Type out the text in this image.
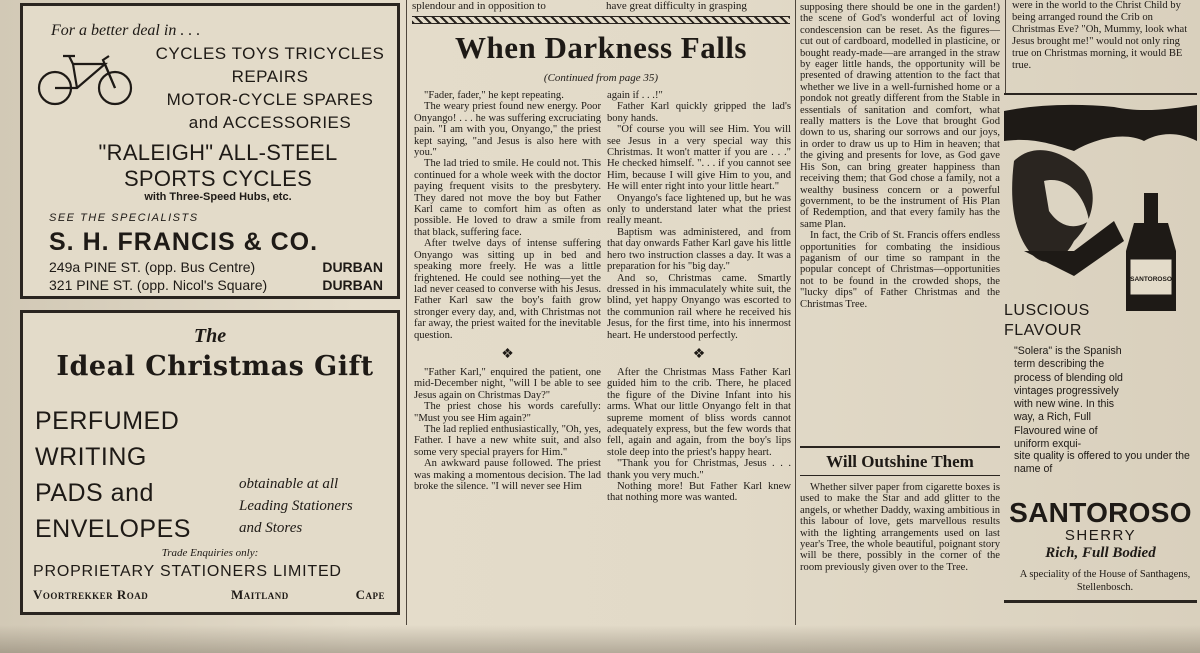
For a better deal in . . .
CYCLES TOYS TRICYCLES
REPAIRS
MOTOR-CYCLE SPARES
and ACCESSORIES
"RALEIGH" ALL-STEEL
SPORTS CYCLES
with Three-Speed Hubs, etc.
SEE THE SPECIALISTS
S. H. FRANCIS & CO.
249a PINE ST. (opp. Bus Centre)	DURBAN
321 PINE ST. (opp. Nicol's Square)	DURBAN
The
Ideal Christmas Gift
PERFUMED
WRITING
PADS and
ENVELOPES
obtainable at all
Leading Stationers
and Stores
Trade Enquiries only:
PROPRIETARY STATIONERS LIMITED
Voortrekker Road	Maitland	Cape
splendour and in opposition to	have great difficulty in grasping
When Darkness Falls
(Continued from page 35)

"Fader, fader," he kept repeating.

The weary priest found new energy. Poor Onyango! . . . he was suffering excruciating pain. "I am with you, Onyango," the priest kept saying, "and Jesus is also here with you."

The lad tried to smile. He could not. This continued for a whole week with the doctor paying frequent visits to the presbytery. They dared not move the boy but Father Karl came to comfort him as often as possible. He loved to draw a smile from that black, suffering face.

After twelve days of intense suffering Onyango was sitting up in bed and speaking more freely. He was a little frightened. He could see nothing—yet the lad never ceased to converse with his Jesus. Father Karl saw the boy's faith grow stronger every day, and, with Christmas not far away, the priest waited for the inevitable question.

❖

"Father Karl," enquired the patient, one mid-December night, "will I be able to see Jesus again on Christmas Day?"

The priest chose his words carefully: "Must you see Him again?"

The lad replied enthusiastically, "Oh, yes, Father. I have a new white suit, and also some very special prayers for Him."

An awkward pause followed. The priest was making a momentous decision. The lad broke the silence. "I will never see Him

again if . . .!"

Father Karl quickly gripped the lad's bony hands.

"Of course you will see Him. You will see Jesus in a very special way this Christmas. It won't matter if you are . . ." He checked himself. ". . . if you cannot see Him, because I will give Him to you, and He will enter right into your little heart."

Onyango's face lightened up, but he was only to understand later what the priest really meant.

Baptism was administered, and from that day onwards Father Karl gave his little hero two instruction classes a day. It was a preparation for his "big day."

And so, Christmas came. Smartly dressed in his immaculately white suit, the blind, yet happy Onyango was escorted to the communion rail where he received his Jesus, for the first time, into his innermost heart. He understood perfectly.

❖

After the Christmas Mass Father Karl guided him to the crib. There, he placed the figure of the Divine Infant into his arms. What our little Onyango felt in that supreme moment of bliss words cannot adequately express, but the few words that fell, again and again, from the boy's lips stole deep into the priest's happy heart.

"Thank you for Christmas, Jesus . . . thank you very much."

Nothing more! But Father Karl knew that nothing more was wanted.

supposing there should be one in the garden!) the scene of God's wonderful act of loving condescension can be reset. As the figures—cut out of cardboard, modelled in plasticine, or bought ready-made—are arranged in the straw by eager little hands, the opportunity will be presented of drawing attention to the fact that whether we live in a well-furnished home or a pondok not greatly different from the Stable in essentials of sanitation and comfort, what really matters is the Love that brought God down to us, sharing our sorrows and our joys, in order to draw us up to Him in heaven; that the giving and presents for love, as God gave His Son, can bring greater happiness than receiving them; that God chose a family, not a wealthy business concern or a powerful government, to be the instrument of His Plan of Redemption, and that every family has the same Plan.

In fact, the Crib of St. Francis offers endless opportunities for combating the insidious paganism of our time so rampant in the popular concept of Christmas—opportunities not to be found in the crowded shops, the "lucky dips" of Father Christmas and the Christmas Tree.

Will Outshine Them

Whether silver paper from cigarette boxes is used to make the Star and add glitter to the angels, or whether Daddy, waxing ambitious in this labour of love, gets marvellous results with the lighting arrangements used on last year's Tree, the whole beautiful, poignant story will be there, possibly in the corner of the room previously given over to the Tree.

were in the world to the Christ Child by being arranged round the Crib on Christmas Eve? "Oh, Mummy, look what Jesus brought me!" would not only ring true on Christmas morning, it would BE true.
SANTOROSO
LUSCIOUS
FLAVOUR
"Solera" is the Spanish term describing the process of blending old vintages progressively with new wine. In this way, a Rich, Full Flavoured wine of uniform exqui-
site quality is offered to you under the name of
SANTOROSO
SHERRY
Rich, Full Bodied
A speciality of the House of Santhagens, Stellenbosch.
